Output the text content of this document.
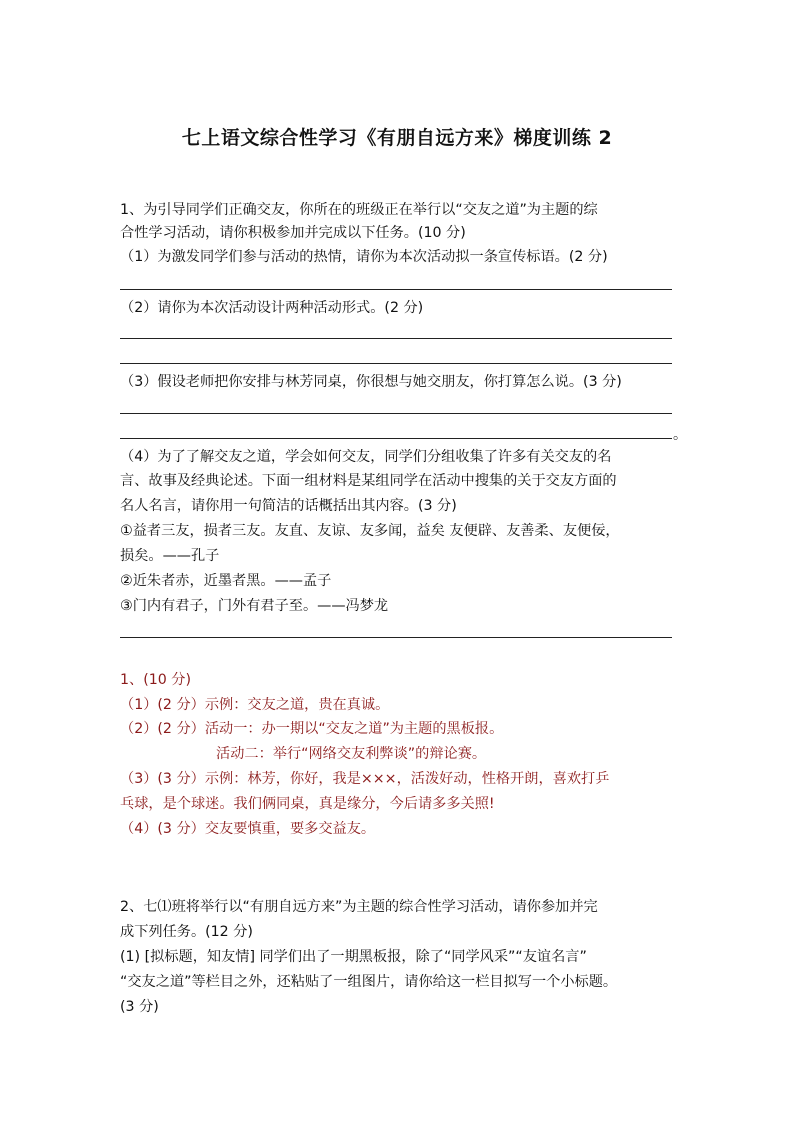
七上语文综合性学习《有朋自远方来》梯度训练 2
1、为引导同学们正确交友，你所在的班级正在举行以“交友之道”为主题的综
合性学习活动，请你积极参加并完成以下任务。(10 分)
（1）为激发同学们参与活动的热情，请你为本次活动拟一条宣传标语。(2 分)
（2）请你为本次活动设计两种活动形式。(2 分)
（3）假设老师把你安排与林芳同桌，你很想与她交朋友，你打算怎么说。(3 分)
。
（4）为了了解交友之道，学会如何交友，同学们分组收集了许多有关交友的名
言、故事及经典论述。下面一组材料是某组同学在活动中搜集的关于交友方面的
名人名言，请你用一句简洁的话概括出其内容。(3 分)
①益者三友，损者三友。友直、友谅、友多闻，益矣 友便辟、友善柔、友便佞，
损矣。——孔子
②近朱者赤，近墨者黑。——孟子
③门内有君子，门外有君子至。——冯梦龙
1、(10 分)
（1）(2 分）示例：交友之道，贵在真诚。
（2）(2 分）活动一：办一期以“交友之道”为主题的黑板报。
活动二：举行“网络交友利弊谈”的辩论赛。
（3）(3 分）示例：林芳，你好，我是×××，活泼好动，性格开朗，喜欢打乒
乓球，是个球迷。我们俩同桌，真是缘分，今后请多多关照!
（4）(3 分）交友要慎重，要多交益友。
2、七⑴班将举行以“有朋自远方来”为主题的综合性学习活动，请你参加并完
成下列任务。(12 分)
(1) [拟标题，知友情] 同学们出了一期黑板报，除了“同学风采”“友谊名言”
“交友之道”等栏目之外，还粘贴了一组图片，请你给这一栏目拟写一个小标题。
(3 分)
